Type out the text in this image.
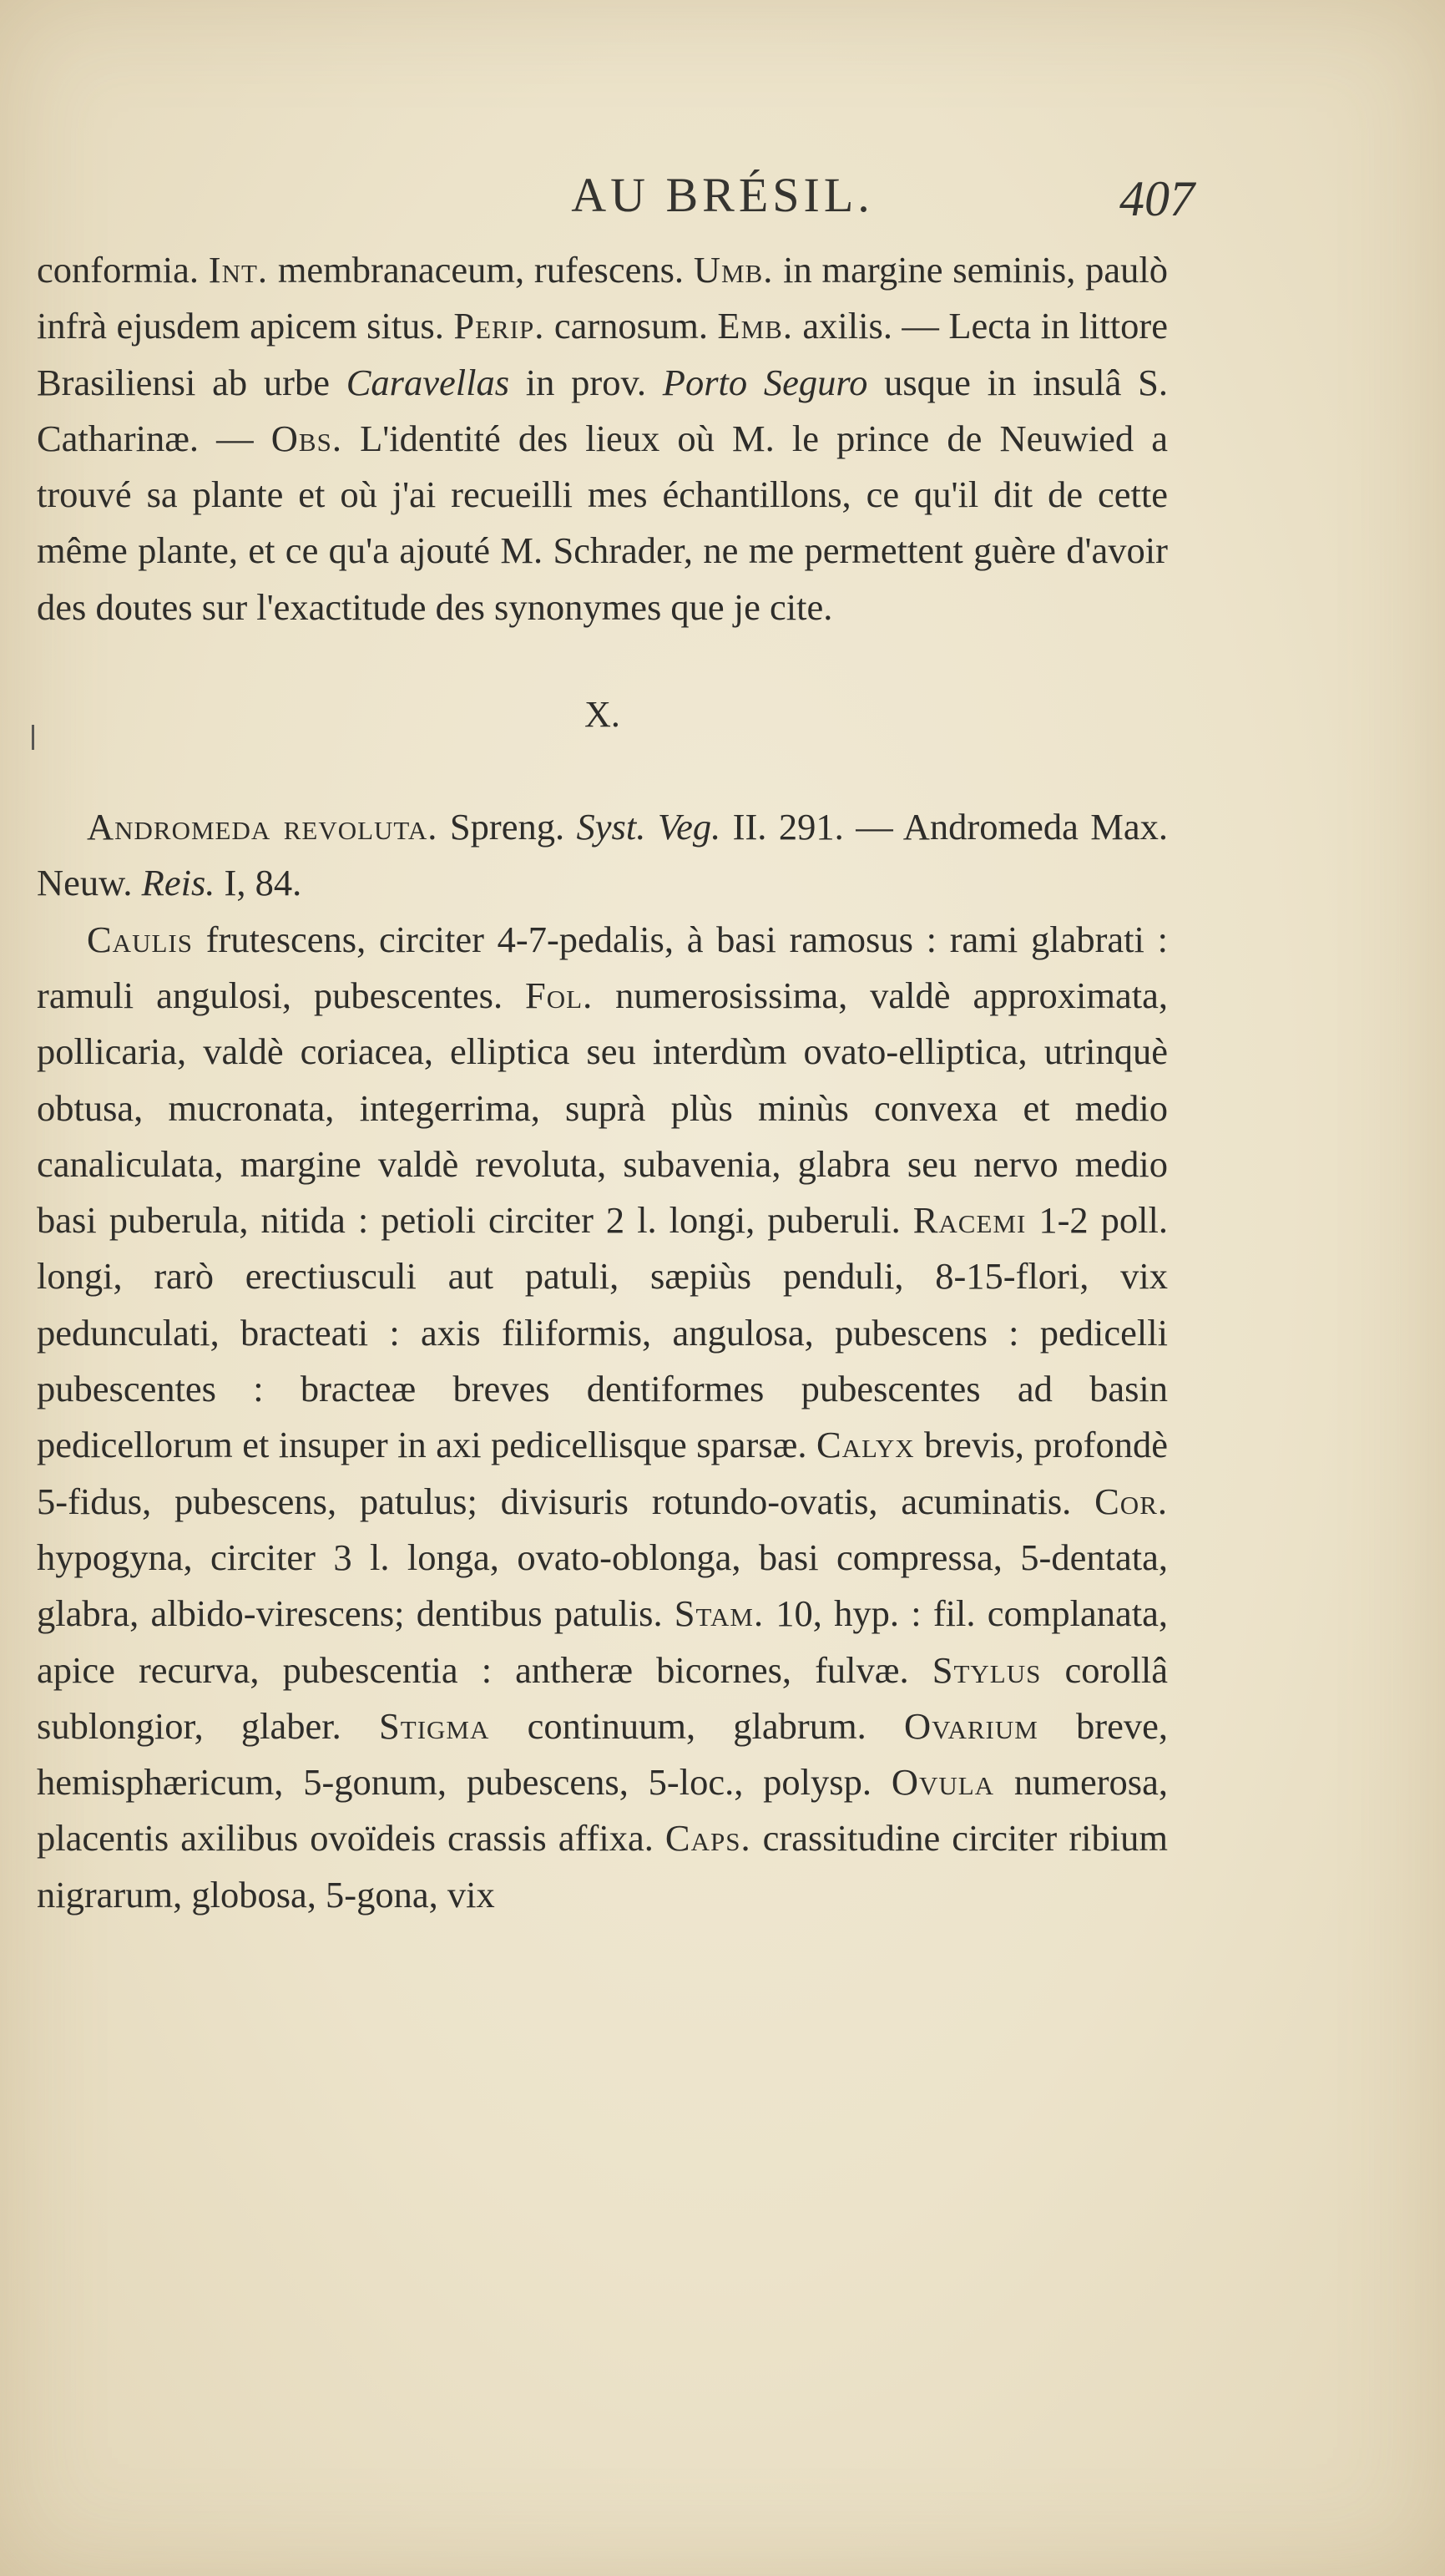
AU BRÉSIL.	407

conformia. Int. membranaceum, rufescens. Umb. in margine seminis, paulò infrà ejusdem apicem situs. Perip. carnosum. Emb. axilis. — Lecta in littore Brasiliensi ab urbe Caravellas in prov. Porto Seguro usque in insulâ S. Catharinæ. — Obs. L'identité des lieux où M. le prince de Neuwied a trouvé sa plante et où j'ai recueilli mes échantillons, ce qu'il dit de cette même plante, et ce qu'a ajouté M. Schrader, ne me permettent guère d'avoir des doutes sur l'exactitude des synonymes que je cite.

X.

Andromeda revoluta. Spreng. Syst. Veg. II. 291. — Andromeda Max. Neuw. Reis. I, 84.

Caulis frutescens, circiter 4-7-pedalis, à basi ramosus : rami glabrati : ramuli angulosi, pubescentes. Fol. numerosissima, valdè approximata, pollicaria, valdè coriacea, elliptica seu interdùm ovato-elliptica, utrinquè obtusa, mucronata, integerrima, suprà plùs minùs convexa et medio canaliculata, margine valdè revoluta, subavenia, glabra seu nervo medio basi puberula, nitida : petioli circiter 2 l. longi, puberuli. Racemi 1-2 poll. longi, rarò erectiusculi aut patuli, sæpiùs penduli, 8-15-flori, vix pedunculati, bracteati : axis filiformis, angulosa, pubescens : pedicelli pubescentes : bracteæ breves dentiformes pubescentes ad basin pedicellorum et insuper in axi pedicellisque sparsæ. Calyx brevis, profondè 5-fidus, pubescens, patulus; divisuris rotundo-ovatis, acuminatis. Cor. hypogyna, circiter 3 l. longa, ovato-oblonga, basi compressa, 5-dentata, glabra, albido-virescens; dentibus patulis. Stam. 10, hyp. : fil. complanata, apice recurva, pubescentia : antheræ bicornes, fulvæ. Stylus corollâ sublongior, glaber. Stigma continuum, glabrum. Ovarium breve, hemisphæricum, 5-gonum, pubescens, 5-loc., polysp. Ovula numerosa, placentis axilibus ovoïdeis crassis affixa. Caps. crassitudine circiter ribium nigrarum, globosa, 5-gona, vix
